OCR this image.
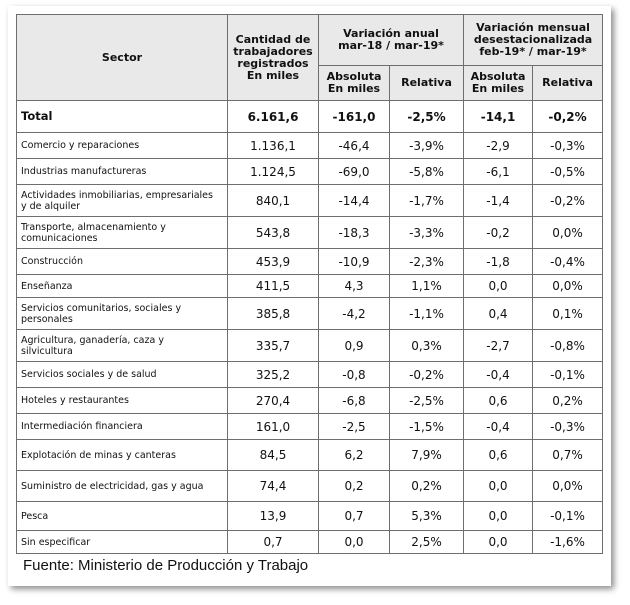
Sector	Cantidad de
trabajadores
registrados
En miles	Variación anual
mar-18 / mar-19*		Variación mensual
desestacionalizada
feb-19* / mar-19*	
		Absoluta
En miles	Relativa	Absoluta
En miles	Relativa
Total	6.161,6	-161,0	-2,5%	-14,1	-0,2%
Comercio y reparaciones	1.136,1	-46,4	-3,9%	-2,9	-0,3%
Industrias manufactureras	1.124,5	-69,0	-5,8%	-6,1	-0,5%
Actividades inmobiliarias, empresariales
y de alquiler	840,1	-14,4	-1,7%	-1,4	-0,2%
Transporte, almacenamiento y
comunicaciones	543,8	-18,3	-3,3%	-0,2	0,0%
Construcción	453,9	-10,9	-2,3%	-1,8	-0,4%
Enseñanza	411,5	4,3	1,1%	0,0	0,0%
Servicios comunitarios, sociales y
personales	385,8	-4,2	-1,1%	0,4	0,1%
Agricultura, ganadería, caza y
silvicultura	335,7	0,9	0,3%	-2,7	-0,8%
Servicios sociales y de salud	325,2	-0,8	-0,2%	-0,4	-0,1%
Hoteles y restaurantes	270,4	-6,8	-2,5%	0,6	0,2%
Intermediación financiera	161,0	-2,5	-1,5%	-0,4	-0,3%
Explotación de minas y canteras	84,5	6,2	7,9%	0,6	0,7%
Suministro de electricidad, gas y agua	74,4	0,2	0,2%	0,0	0,0%
Pesca	13,9	0,7	5,3%	0,0	-0,1%
Sin especificar	0,7	0,0	2,5%	0,0	-1,6%
Fuente: Ministerio de Producción y Trabajo
